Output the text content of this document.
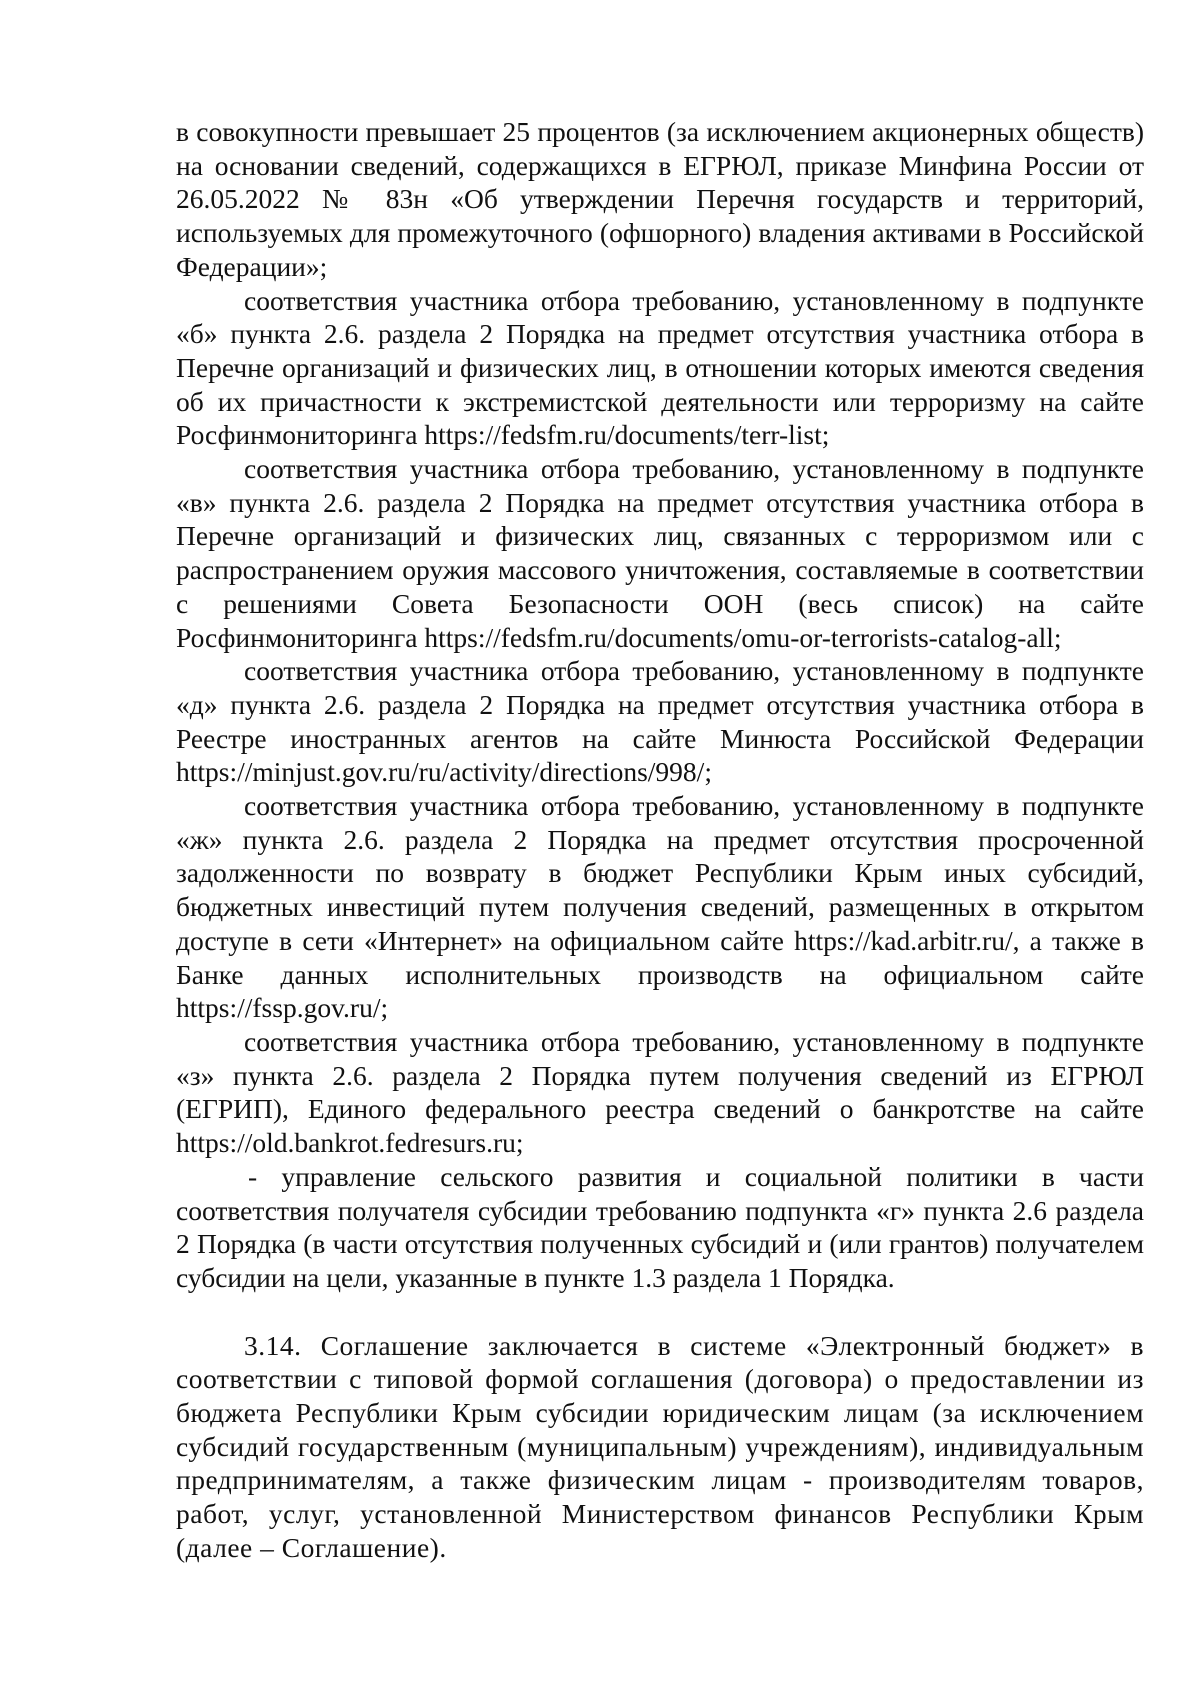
в совокупности превышает 25 процентов (за исключением акционерных обществ) на основании сведений, содержащихся в ЕГРЮЛ, приказе Минфина России от 26.05.2022 № 83н «Об утверждении Перечня государств и территорий, используемых для промежуточного (офшорного) владения активами в Российской Федерации»;

соответствия участника отбора требованию, установленному в подпункте «б» пункта 2.6. раздела 2 Порядка на предмет отсутствия участника отбора в Перечне организаций и физических лиц, в отношении которых имеются сведения об их причастности к экстремистской деятельности или терроризму на сайте Росфинмониторинга https://fedsfm.ru/documents/terr-list;

соответствия участника отбора требованию, установленному в подпункте «в» пункта 2.6. раздела 2 Порядка на предмет отсутствия участника отбора в Перечне организаций и физических лиц, связанных с терроризмом или с распространением оружия массового уничтожения, составляемые в соответствии с решениями Совета Безопасности ООН (весь список) на сайте Росфинмониторинга https://fedsfm.ru/documents/omu-or-terrorists-catalog-all;

соответствия участника отбора требованию, установленному в подпункте «д» пункта 2.6. раздела 2 Порядка на предмет отсутствия участника отбора в Реестре иностранных агентов на сайте Минюста Российской Федерации https://minjust.gov.ru/ru/activity/directions/998/;

соответствия участника отбора требованию, установленному в подпункте «ж» пункта 2.6. раздела 2 Порядка на предмет отсутствия просроченной задолженности по возврату в бюджет Республики Крым иных субсидий, бюджетных инвестиций путем получения сведений, размещенных в открытом доступе в сети «Интернет» на официальном сайте https://kad.arbitr.ru/, а также в Банке данных исполнительных производств на официальном сайте https://fssp.gov.ru/;

соответствия участника отбора требованию, установленному в подпункте «з» пункта 2.6. раздела 2 Порядка путем получения сведений из ЕГРЮЛ (ЕГРИП), Единого федерального реестра сведений о банкротстве на сайте https://old.bankrot.fedresurs.ru;

- управление сельского развития и социальной политики в части соответствия получателя субсидии требованию подпункта «г» пункта 2.6 раздела 2 Порядка (в части отсутствия полученных субсидий и (или грантов) получателем субсидии на цели, указанные в пункте 1.3 раздела 1 Порядка.

3.14. Соглашение заключается в системе «Электронный бюджет» в соответствии с типовой формой соглашения (договора) о предоставлении из бюджета Республики Крым субсидии юридическим лицам (за исключением субсидий государственным (муниципальным) учреждениям), индивидуальным предпринимателям, а также физическим лицам - производителям товаров, работ, услуг, установленной Министерством финансов Республики Крым (далее – Соглашение).
